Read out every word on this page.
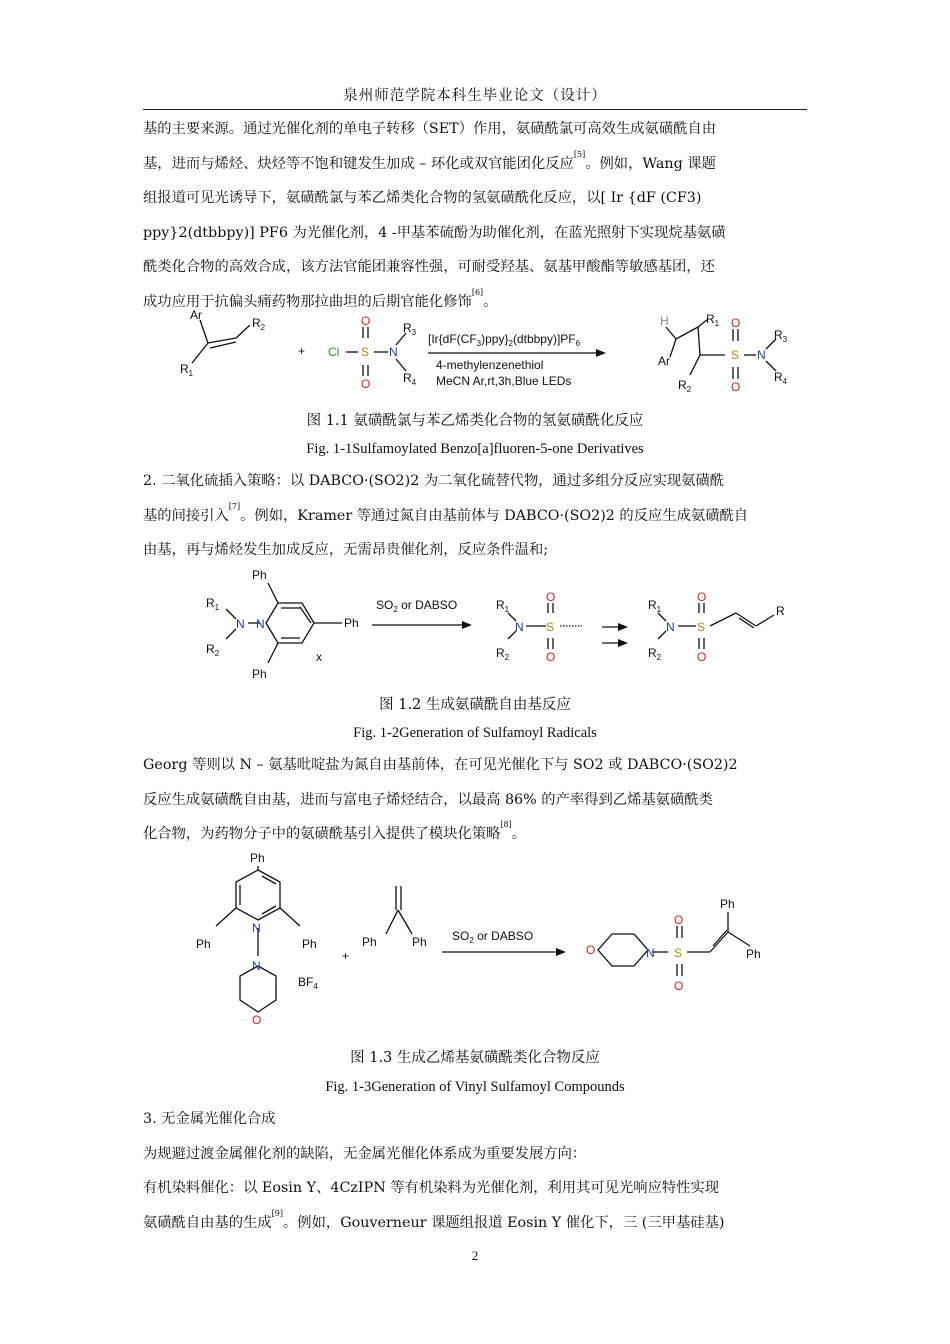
泉州师范学院本科生毕业论文（设计）
基的主要来源。通过光催化剂的单电子转移（SET）作用，氨磺酰氯可高效生成氨磺酰自由
基，进而与烯烃、炔烃等不饱和键发生加成 – 环化或双官能团化反应[5]。例如，Wang 课题
组报道可见光诱导下，氨磺酰氯与苯乙烯类化合物的氢氨磺酰化反应，以[ Ir {dF (CF3)
ppy}2(dtbbpy)] PF6 为光催化剂，4 -甲基苯硫酚为助催化剂，在蓝光照射下实现烷基氨磺
酰类化合物的高效合成，该方法官能团兼容性强，可耐受羟基、氨基甲酸酯等敏感基团，还
成功应用于抗偏头痛药物那拉曲坦的后期官能化修饰[6]。
Ar
$R_1$
$R_2$
+ Cl S
O
O
N
$R_3$
$R_4$
$[Ir\{dF(CF_3)ppy\}_2(dtbbpy)]PF_6$
4-methylenzenethiol
MeCN Ar,rt,3h,Blue LEDs
H	$R_1$
Ar
$R_2$
S
O
O
N
$R_3$
$R_4$
图 1.1 氨磺酰氯与苯乙烯类化合物的氢氨磺酰化反应
Fig. 1-1Sulfamoylated Benzo[a]fluoren-5-one Derivatives
2. 二氧化硫插入策略：以 DABCO·(SO2)2 为二氧化硫替代物，通过多组分反应实现氨磺酰
基的间接引入[7]。例如，Kramer 等通过氮自由基前体与 DABCO·(SO2)2 的反应生成氨磺酰自
由基，再与烯烃发生加成反应，无需昂贵催化剂，反应条件温和;
Ph
Ph
Ph
N
N
$R_1$
$R_2$	x
$SO_2$ or DABSO	$R_1$
$R_2$
N S
O
O
$R_1$
$R_2$
N S
O
O
R
图 1.2 生成氨磺酰自由基反应
Fig. 1-2Generation of Sulfamoyl Radicals
Georg 等则以 N – 氨基吡啶盐为氮自由基前体，在可见光催化下与 SO2 或 DABCO·(SO2)2
反应生成氨磺酰自由基，进而与富电子烯烃结合，以最高 86% 的产率得到乙烯基氨磺酰类
化合物，为药物分子中的氨磺酰基引入提供了模块化策略[8]。
Ph
Ph	Ph
N
N
O
$BF_4$
+
Ph	Ph $SO_2$ or DABSO
O	N S
O
O
Ph
Ph
图 1.3 生成乙烯基氨磺酰类化合物反应
Fig. 1-3Generation of Vinyl Sulfamoyl Compounds
3. 无金属光催化合成
为规避过渡金属催化剂的缺陷，无金属光催化体系成为重要发展方向：
有机染料催化：以 Eosin Y、4CzIPN 等有机染料为光催化剂，利用其可见光响应特性实现
氨磺酰自由基的生成[9]。例如，Gouverneur 课题组报道 Eosin Y 催化下，三 (三甲基硅基)
2
